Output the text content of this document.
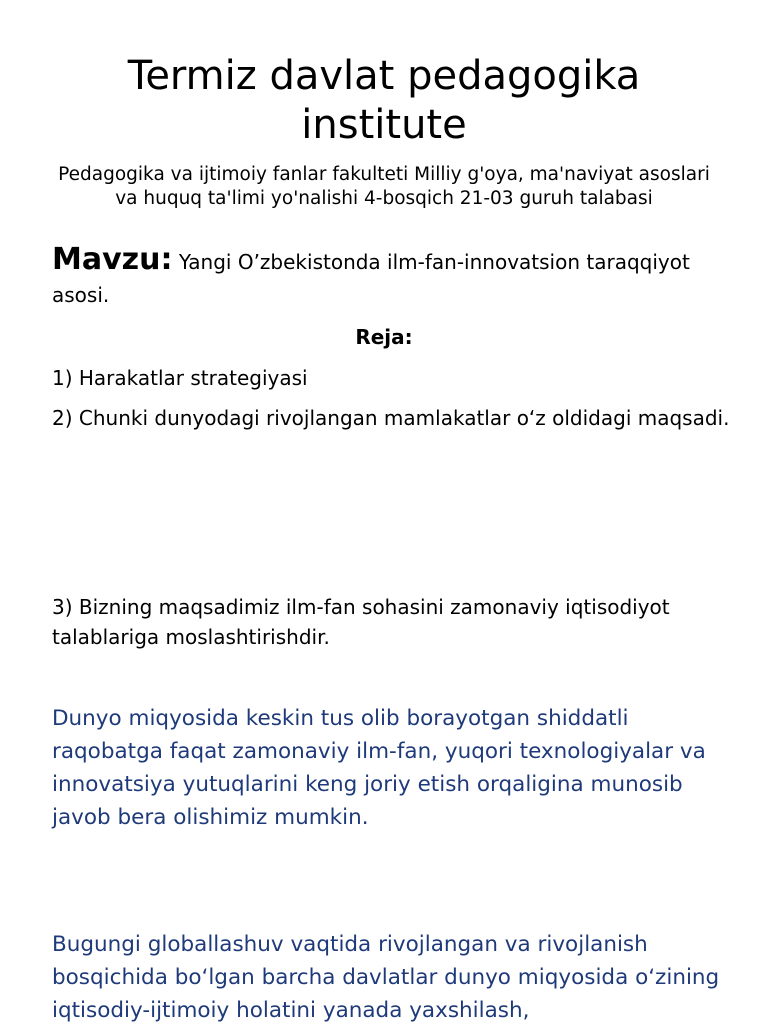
Termiz davlat pedagogika institute
Pedagogika va ijtimoiy fanlar fakulteti Milliy g'oya, ma'naviyat asoslari va huquq ta'limi yo'nalishi 4-bosqich 21-03 guruh talabasi
Mavzu: Yangi O’zbekistonda ilm-fan-innovatsion taraqqiyot asosi.
Reja:
1) Harakatlar strategiyasi
2) Chunki dunyodagi rivojlangan mamlakatlar o‘z oldidagi maqsadi.
3) Bizning maqsadimiz ilm-fan sohasini zamonaviy iqtisodiyot talablariga moslashtirishdir.
Dunyo miqyosida keskin tus olib borayotgan shiddatli raqobatga faqat zamonaviy ilm-fan, yuqori texnologiyalar va innovatsiya yutuqlarini keng joriy etish orqaligina munosib javob bera olishimiz mumkin.
Bugungi globallashuv vaqtida rivojlangan va rivojlanish bosqichida bo‘lgan barcha davlatlar dunyo miqyosida o‘zining iqtisodiy-ijtimoiy holatini yanada yaxshilash,
